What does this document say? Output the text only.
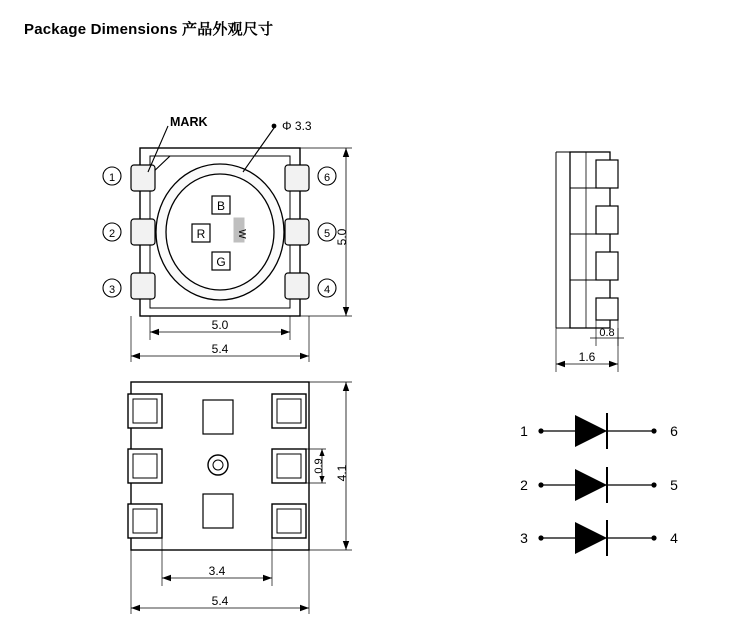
Package Dimensions 产品外观尺寸
B
R
G
W
MARK	Φ 3.3
1
2
3
6
5
4
5.0
5.0
5.4
4.1
0.9
3.4
5.4
0.8
1.6
1	6
2	5
3	4
